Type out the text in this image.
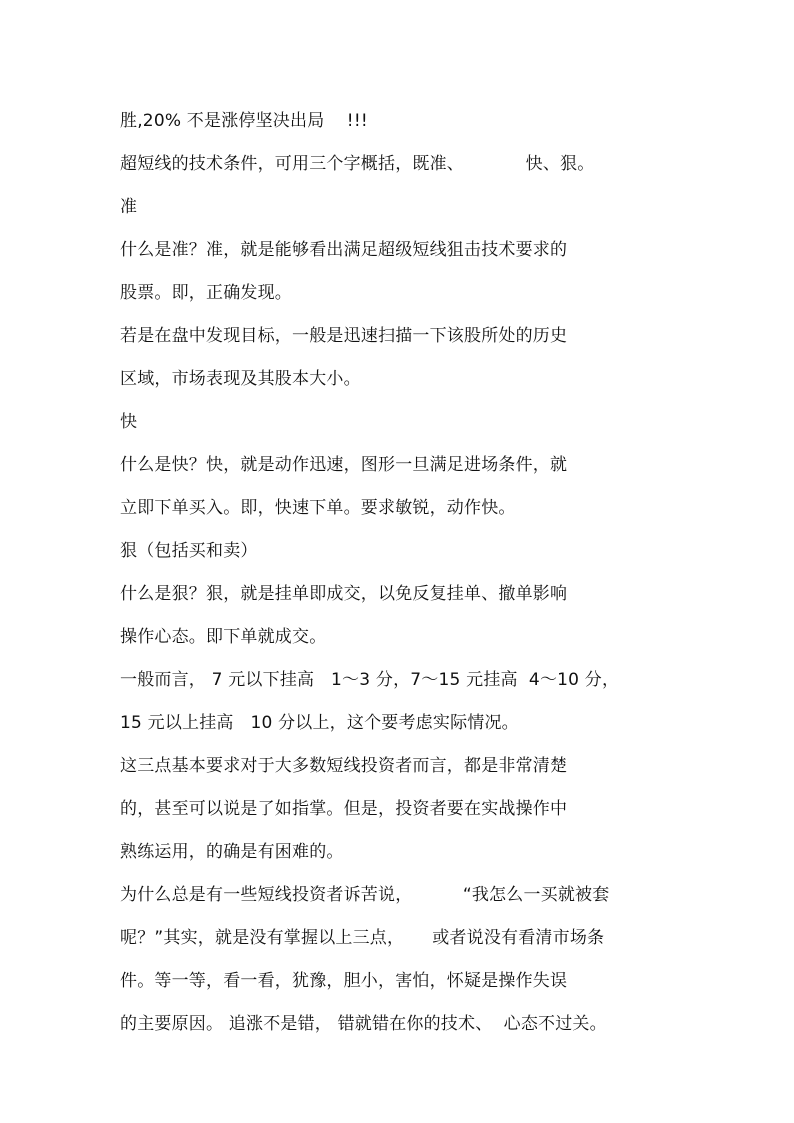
胜,20% 不是涨停坚决出局    !!!
超短线的技术条件，可用三个字概括，既准、           快、狠。
准
什么是准？准，就是能够看出满足超级短线狙击技术要求的
股票。即，正确发现。
若是在盘中发现目标，一般是迅速扫描一下该股所处的历史
区域，市场表现及其股本大小。
快
什么是快？快，就是动作迅速，图形一旦满足进场条件，就
立即下单买入。即，快速下单。要求敏锐，动作快。
狠（包括买和卖）
什么是狠？狠，就是挂单即成交，以免反复挂单、撤单影响
操作心态。即下单就成交。
一般而言， 7 元以下挂高   1～3 分，7～15 元挂高  4～10 分，
15 元以上挂高   10 分以上，这个要考虑实际情况。
这三点基本要求对于大多数短线投资者而言，都是非常清楚
的，甚至可以说是了如指掌。但是，投资者要在实战操作中
熟练运用，的确是有困难的。
为什么总是有一些短线投资者诉苦说，         “我怎么一买就被套
呢？”其实，就是没有掌握以上三点，     或者说没有看清市场条
件。等一等，看一看，犹豫，胆小，害怕，怀疑是操作失误
的主要原因。 追涨不是错， 错就错在你的技术、  心态不过关。
